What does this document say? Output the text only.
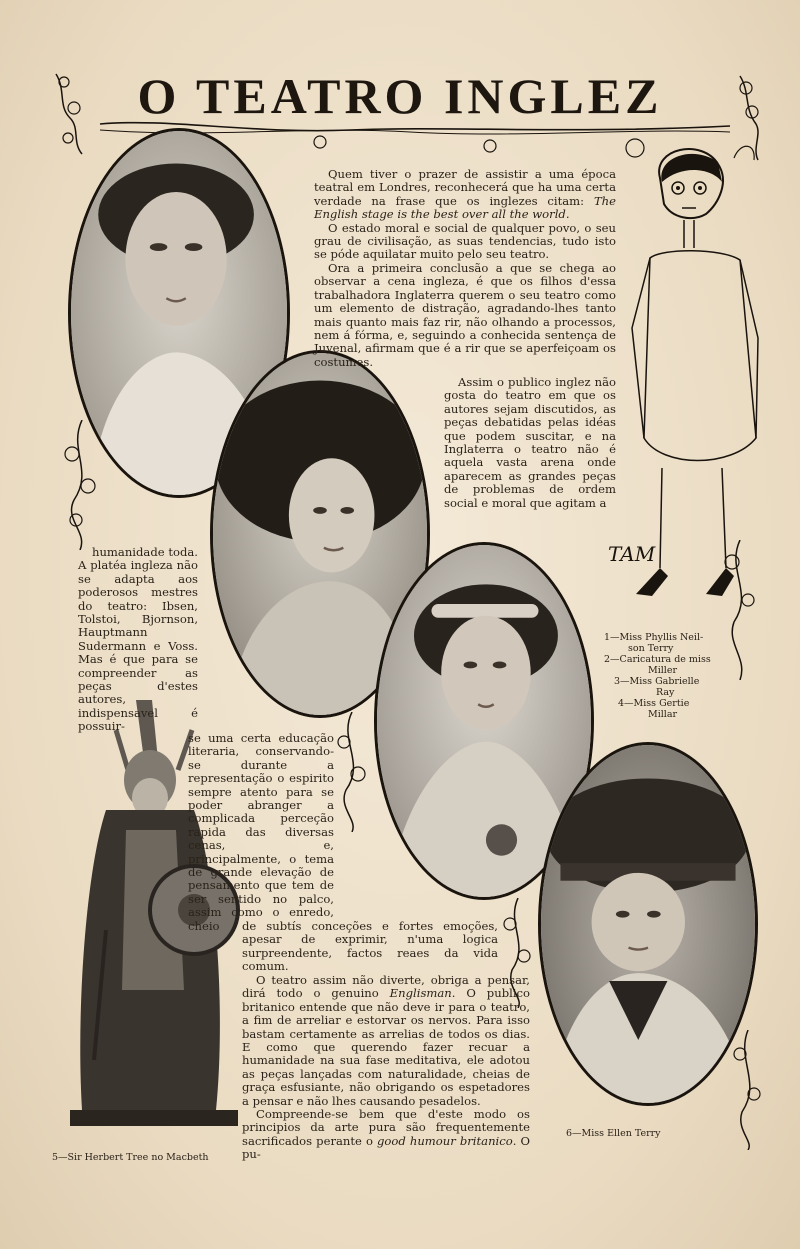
O TEATRO INGLEZ
TAM

Quem tiver o prazer de assistir a uma época teatral em Londres, reconhecerá que ha uma certa verdade na frase que os inglezes citam: The English stage is the best over all the world.

O estado moral e social de qualquer povo, o seu grau de civilisação, as suas tendencias, tudo isto se póde aquilatar muito pelo seu teatro.

Ora a primeira conclusão a que se chega ao observar a cena ingleza, é que os filhos d'essa trabalhadora Inglaterra querem o seu teatro como um elemento de distração, agradando-lhes tanto mais quanto mais faz rir, não olhando a processos, nem á fórma, e, seguindo a conhecida sentença de Juvenal, afirmam que é a rir que se aperfeiçoam os costumes.

Assim o publico inglez não gosta do teatro em que os autores sejam discutidos, as peças debatidas pelas idéas que podem suscitar, e na Inglaterra o teatro não é aquela vasta arena onde aparecem as grandes peças de problemas de ordem social e moral que agitam a

humanidade toda. A platéa ingleza não se adapta aos poderosos mestres do teatro: Ibsen, Tolstoi, Bjornson, Hauptmann Sudermann e Voss. Mas é que para se compreender as peças d'estes autores, indispensavel é possuir-

se uma certa educação literaria, conservando-se durante a representação o espirito sempre atento para se poder abranger a complicada perceção rapida das diversas cenas, e, principalmente, o tema de grande elevação de pensamento que tem de ser sentido no palco, assim como o enredo, cheio	de subtís conceções e fortes emoções, apesar de exprimir, n'uma logica surpreendente, factos reaes da vida comum.

O teatro assim não diverte, obriga a pensar, dirá todo o genuino Englisman. O publico britanico entende que não deve ir para o teatro, a fim de arreliar e estorvar os nervos. Para isso bastam certamente as arrelias de todos os dias. E como que querendo fazer recuar a humanidade na sua fase meditativa, ele adotou as peças lançadas com naturalidade, cheias de graça esfusiante, não obrigando os espetadores a pensar e não lhes causando pesadelos.

Compreende-se bem que d'este modo os principios da arte pura são frequentemente sacrificados perante o good humour britanico. O pu-

1—Miss Phyllis Neil-
son Terry
2—Caricatura de miss
Miller
3—Miss Gabrielle
Ray
4—Miss Gertie
Millar
5—Sir Herbert Tree no Macbeth
6—Miss Ellen Terry
